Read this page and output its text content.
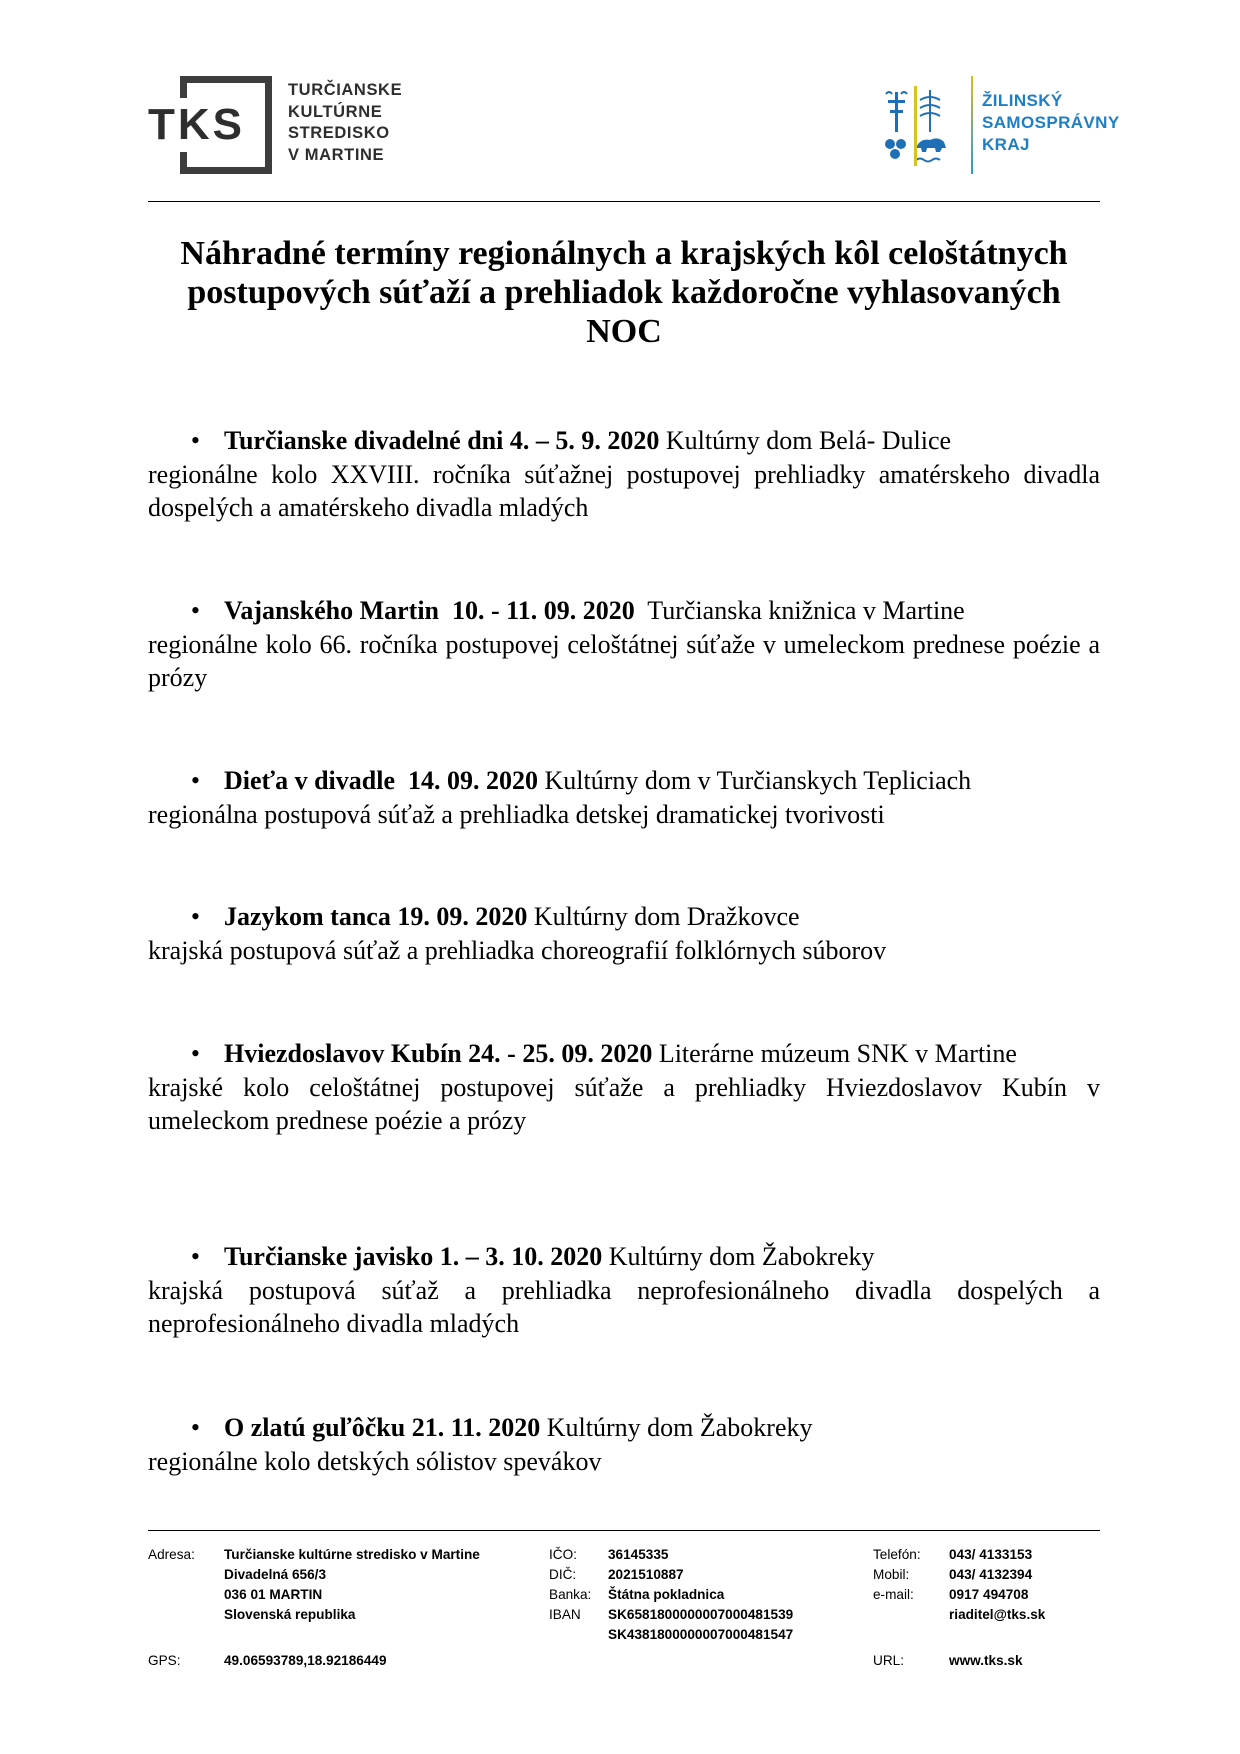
TKS
TURČIANSKE
KULTÚRNE
STREDISKO
V MARTINE
ŽILINSKÝ
SAMOSPRÁVNY
KRAJ
Náhradné termíny regionálnych a krajských kôl celoštátnych postupových súťaží a prehliadok každoročne vyhlasovaných NOC
• Turčianske divadelné dni 4. – 5. 9. 2020 Kultúrny dom Belá- Dulice
regionálne kolo XXVIII. ročníka súťažnej postupovej prehliadky amatérskeho divadla dospelých a amatérskeho divadla mladých
• Vajanského Martin  10. - 11. 09. 2020  Turčianska knižnica v Martine
regionálne kolo 66. ročníka postupovej celoštátnej súťaže v umeleckom prednese poézie a prózy
• Dieťa v divadle  14. 09. 2020 Kultúrny dom v Turčianskych Tepliciach
regionálna postupová súťaž a prehliadka detskej dramatickej tvorivosti
• Jazykom tanca 19. 09. 2020 Kultúrny dom Dražkovce
krajská postupová súťaž a prehliadka choreografií folklórnych súborov
• Hviezdoslavov Kubín 24. - 25. 09. 2020 Literárne múzeum SNK v Martine
krajské kolo celoštátnej postupovej súťaže a prehliadky Hviezdoslavov Kubín v umeleckom prednese poézie a prózy
• Turčianske javisko 1. – 3. 10. 2020 Kultúrny dom Žabokreky
krajská postupová súťaž a prehliadka neprofesionálneho divadla dospelých a neprofesionálneho divadla mladých
• O zlatú guľôčku 21. 11. 2020 Kultúrny dom Žabokreky
regionálne kolo detských sólistov spevákov
Adresa: Turčianske kultúrne stredisko v Martine
Divadelná 656/3
036 01 MARTIN
Slovenská republika
GPS:	49.06593789,18.92186449
IČO:
DIČ:
Banka:
IBAN
36145335
2021510887
Štátna pokladnica
SK6581800000007000481539
SK4381800000007000481547
Telefón:
Mobil:
e-mail:
043/ 4133153
043/ 4132394
0917 494708
riaditel@tks.sk
URL:	www.tks.sk
